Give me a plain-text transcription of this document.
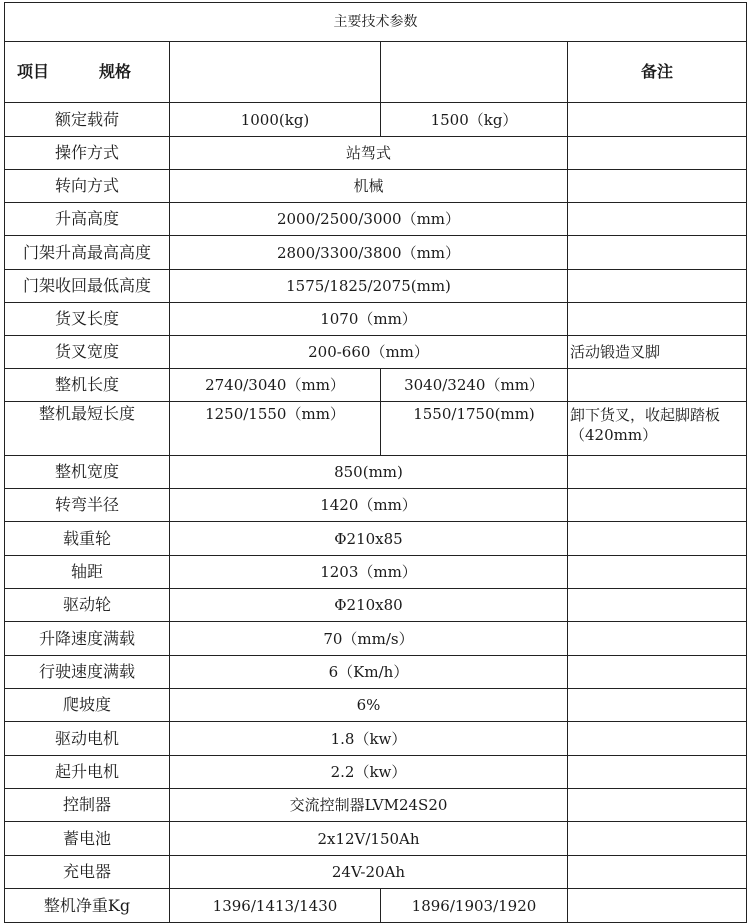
主要技术参数			
项目 规格			备注
额定载荷	1000(kg)	1500（kg）	
操作方式	站驾式		
转向方式	机械		
升高高度	2000/2500/3000（mm）		
门架升高最高高度	2800/3300/3800（mm）		
门架收回最低高度	1575/1825/2075(mm)		
货叉长度	1070（mm）		
货叉宽度	200-660（mm）		活动锻造叉脚
整机长度	2740/3040（mm）	3040/3240（mm）	
整机最短长度	1250/1550（mm）	1550/1750(mm)	卸下货叉，收起脚踏板（420mm）
整机宽度	850(mm)		
转弯半径	1420（mm）		
载重轮	Φ210x85		
轴距	1203（mm）		
驱动轮	Φ210x80		
升降速度满载	70（mm/s）		
行驶速度满载	6（Km/h）		
爬坡度	6%		
驱动电机	1.8（kw）		
起升电机	2.2（kw）		
控制器	交流控制器LVM24S20		
蓄电池	2x12V/150Ah		
充电器	24V-20Ah		
整机净重Kg	1396/1413/1430	1896/1903/1920	
